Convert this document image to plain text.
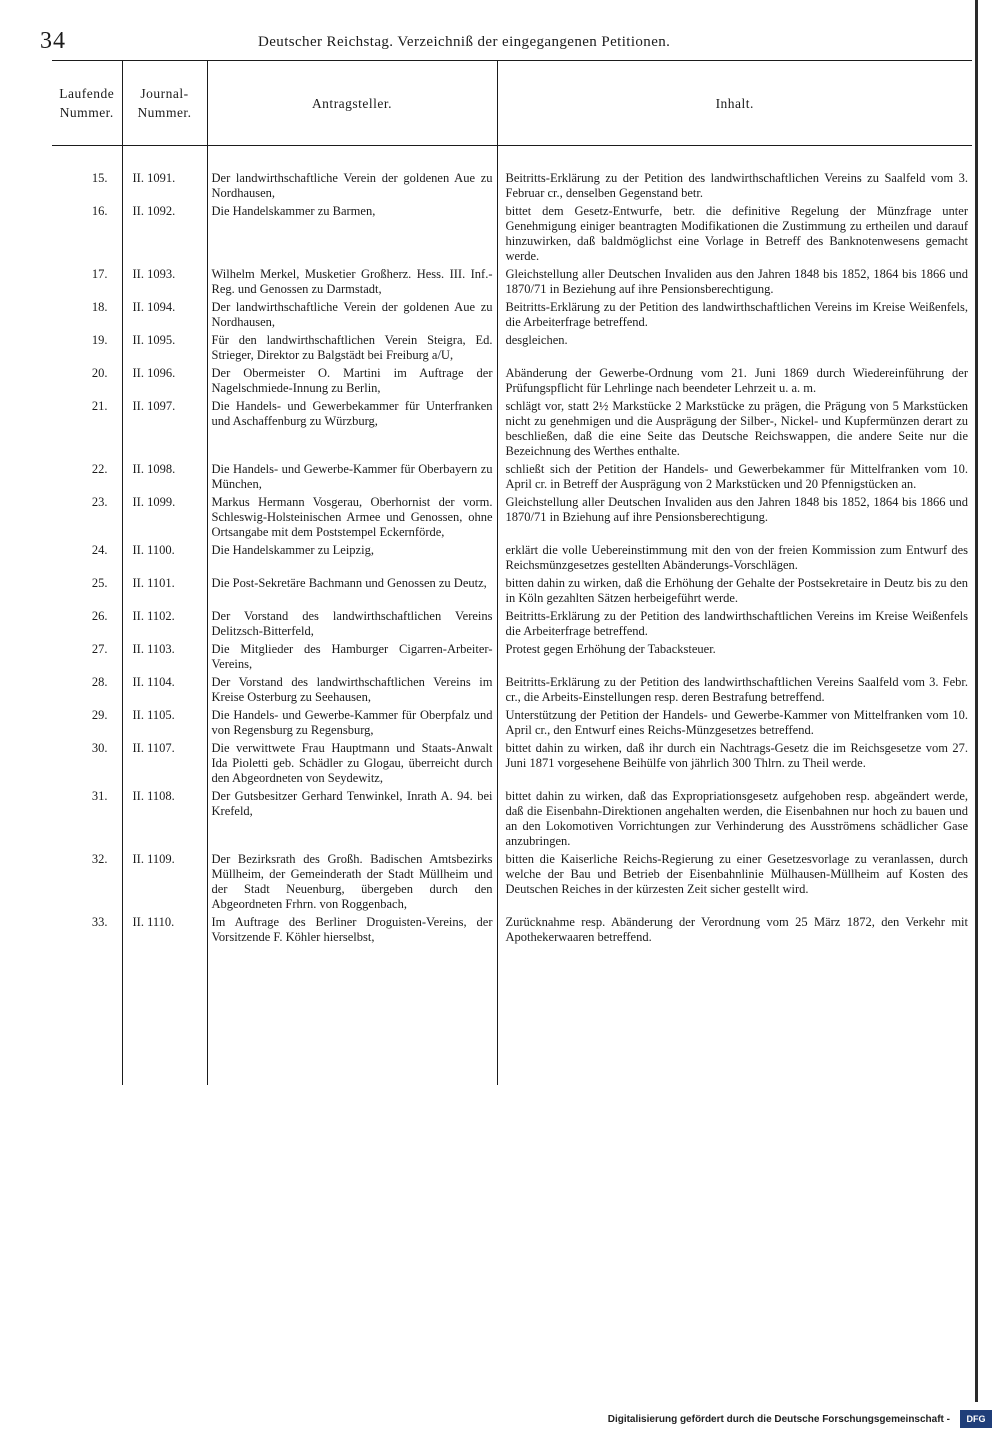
34	Deutscher Reichstag. Verzeichniß der eingegangenen Petitionen.
Laufende Nummer.	Journal-Nummer.	Antragsteller.	Inhalt.

15.	II. 1091.	Der landwirthschaftliche Verein der goldenen Aue zu Nordhausen,	Beitritts-Erklärung zu der Petition des landwirthschaftlichen Vereins zu Saalfeld vom 3. Februar cr., denselben Gegenstand betr.
16.	II. 1092.	Die Handelskammer zu Barmen,	bittet dem Gesetz-Entwurfe, betr. die definitive Regelung der Münzfrage unter Genehmigung einiger beantragten Modifikationen die Zustimmung zu ertheilen und darauf hinzuwirken, daß baldmöglichst eine Vorlage in Betreff des Banknotenwesens gemacht werde.
17.	II. 1093.	Wilhelm Merkel, Musketier Großherz. Hess. III. Inf.-Reg. und Genossen zu Darmstadt,	Gleichstellung aller Deutschen Invaliden aus den Jahren 1848 bis 1852, 1864 bis 1866 und 1870/71 in Beziehung auf ihre Pensionsberechtigung.
18.	II. 1094.	Der landwirthschaftliche Verein der goldenen Aue zu Nordhausen,	Beitritts-Erklärung zu der Petition des landwirthschaftlichen Vereins im Kreise Weißenfels, die Arbeiterfrage betreffend.
19.	II. 1095.	Für den landwirthschaftlichen Verein Steigra, Ed. Strieger, Direktor zu Balgstädt bei Freiburg a/U,	desgleichen.
20.	II. 1096.	Der Obermeister O. Martini im Auftrage der Nagelschmiede-Innung zu Berlin,	Abänderung der Gewerbe-Ordnung vom 21. Juni 1869 durch Wiedereinführung der Prüfungspflicht für Lehrlinge nach beendeter Lehrzeit u. a. m.
21.	II. 1097.	Die Handels- und Gewerbekammer für Unterfranken und Aschaffenburg zu Würzburg,	schlägt vor, statt 2½ Markstücke 2 Markstücke zu prägen, die Prägung von 5 Markstücken nicht zu genehmigen und die Ausprägung der Silber-, Nickel- und Kupfermünzen derart zu beschließen, daß die eine Seite das Deutsche Reichswappen, die andere Seite nur die Bezeichnung des Werthes enthalte.
22.	II. 1098.	Die Handels- und Gewerbe-Kammer für Oberbayern zu München,	schließt sich der Petition der Handels- und Gewerbekammer für Mittelfranken vom 10. April cr. in Betreff der Ausprägung von 2 Markstücken und 20 Pfennigstücken an.
23.	II. 1099.	Markus Hermann Vosgerau, Oberhornist der vorm. Schleswig-Holsteinischen Armee und Genossen, ohne Ortsangabe mit dem Poststempel Eckernförde,	Gleichstellung aller Deutschen Invaliden aus den Jahren 1848 bis 1852, 1864 bis 1866 und 1870/71 in Bziehung auf ihre Pensionsberechtigung.
24.	II. 1100.	Die Handelskammer zu Leipzig,	erklärt die volle Uebereinstimmung mit den von der freien Kommission zum Entwurf des Reichsmünzgesetzes gestellten Abänderungs-Vorschlägen.
25.	II. 1101.	Die Post-Sekretäre Bachmann und Genossen zu Deutz,	bitten dahin zu wirken, daß die Erhöhung der Gehalte der Postsekretaire in Deutz bis zu den in Köln gezahlten Sätzen herbeigeführt werde.
26.	II. 1102.	Der Vorstand des landwirthschaftlichen Vereins Delitzsch-Bitterfeld,	Beitritts-Erklärung zu der Petition des landwirthschaftlichen Vereins im Kreise Weißenfels die Arbeiterfrage betreffend.
27.	II. 1103.	Die Mitglieder des Hamburger Cigarren-Arbeiter-Vereins,	Protest gegen Erhöhung der Tabacksteuer.
28.	II. 1104.	Der Vorstand des landwirthschaftlichen Vereins im Kreise Osterburg zu Seehausen,	Beitritts-Erklärung zu der Petition des landwirthschaftlichen Vereins Saalfeld vom 3. Febr. cr., die Arbeits-Einstellungen resp. deren Bestrafung betreffend.
29.	II. 1105.	Die Handels- und Gewerbe-Kammer für Oberpfalz und von Regensburg zu Regensburg,	Unterstützung der Petition der Handels- und Gewerbe-Kammer von Mittelfranken vom 10. April cr., den Entwurf eines Reichs-Münzgesetzes betreffend.
30.	II. 1107.	Die verwittwete Frau Hauptmann und Staats-Anwalt Ida Pioletti geb. Schädler zu Glogau, überreicht durch den Abgeordneten von Seydewitz,	bittet dahin zu wirken, daß ihr durch ein Nachtrags-Gesetz die im Reichsgesetze vom 27. Juni 1871 vorgesehene Beihülfe von jährlich 300 Thlrn. zu Theil werde.
31.	II. 1108.	Der Gutsbesitzer Gerhard Tenwinkel, Inrath A. 94. bei Krefeld,	bittet dahin zu wirken, daß das Expropriationsgesetz aufgehoben resp. abgeändert werde, daß die Eisenbahn-Direktionen angehalten werden, die Eisenbahnen nur hoch zu bauen und an den Lokomotiven Vorrichtungen zur Verhinderung des Ausströmens schädlicher Gase anzubringen.
32.	II. 1109.	Der Bezirksrath des Großh. Badischen Amtsbezirks Müllheim, der Gemeinderath der Stadt Müllheim und der Stadt Neuenburg, übergeben durch den Abgeordneten Frhrn. von Roggenbach,	bitten die Kaiserliche Reichs-Regierung zu einer Gesetzesvorlage zu veranlassen, durch welche der Bau und Betrieb der Eisenbahnlinie Mülhausen-Müllheim auf Kosten des Deutschen Reiches in der kürzesten Zeit sicher gestellt wird.
33.	II. 1110.	Im Auftrage des Berliner Droguisten-Vereins, der Vorsitzende F. Köhler hierselbst,	Zurücknahme resp. Abänderung der Verordnung vom 25 März 1872, den Verkehr mit Apothekerwaaren betreffend.

Digitalisierung gefördert durch die Deutsche Forschungsgemeinschaft -	DFG
